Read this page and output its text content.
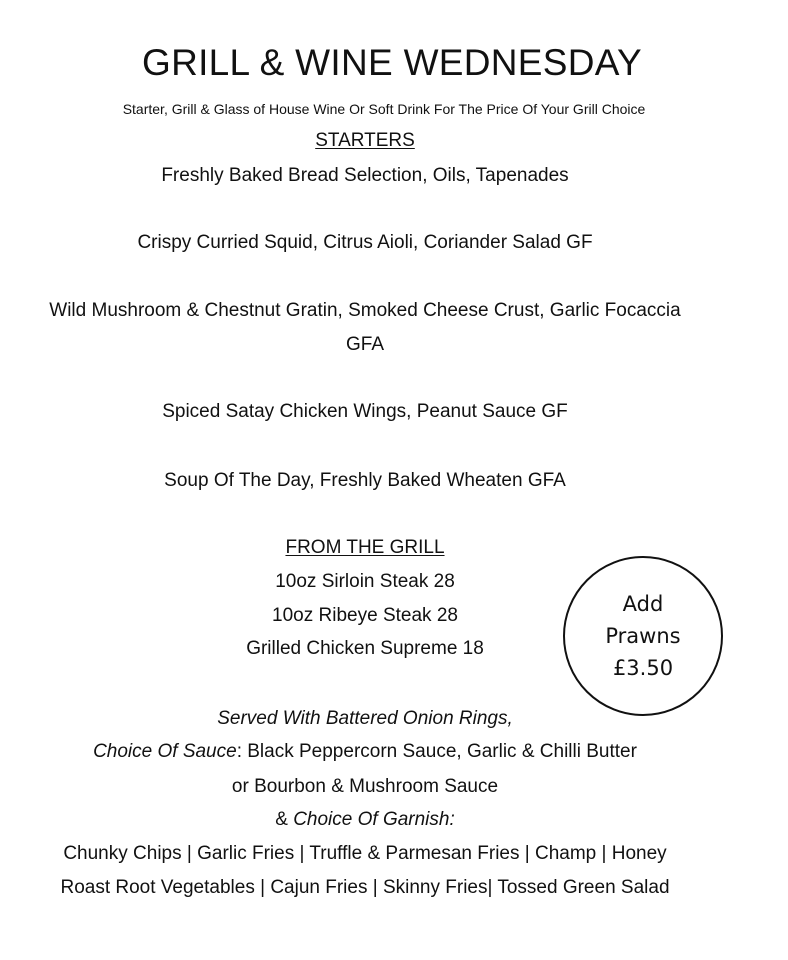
GRILL & WINE WEDNESDAY
Starter, Grill & Glass of House Wine Or Soft Drink For The Price Of Your Grill Choice
STARTERS
Freshly Baked Bread Selection, Oils, Tapenades
Crispy Curried Squid, Citrus Aioli, Coriander Salad GF
Wild Mushroom & Chestnut Gratin, Smoked Cheese Crust, Garlic Focaccia
GFA
Spiced Satay Chicken Wings, Peanut Sauce GF
Soup Of The Day, Freshly Baked Wheaten GFA
FROM THE GRILL
10oz Sirloin Steak 28
10oz Ribeye Steak 28
Grilled Chicken Supreme 18
Add
Prawns
£3.50
Served With Battered Onion Rings,
Choice Of Sauce: Black Peppercorn Sauce, Garlic & Chilli Butter
or Bourbon & Mushroom Sauce
& Choice Of Garnish:
Chunky Chips | Garlic Fries | Truffle & Parmesan Fries | Champ | Honey
Roast Root Vegetables | Cajun Fries | Skinny Fries| Tossed Green Salad
